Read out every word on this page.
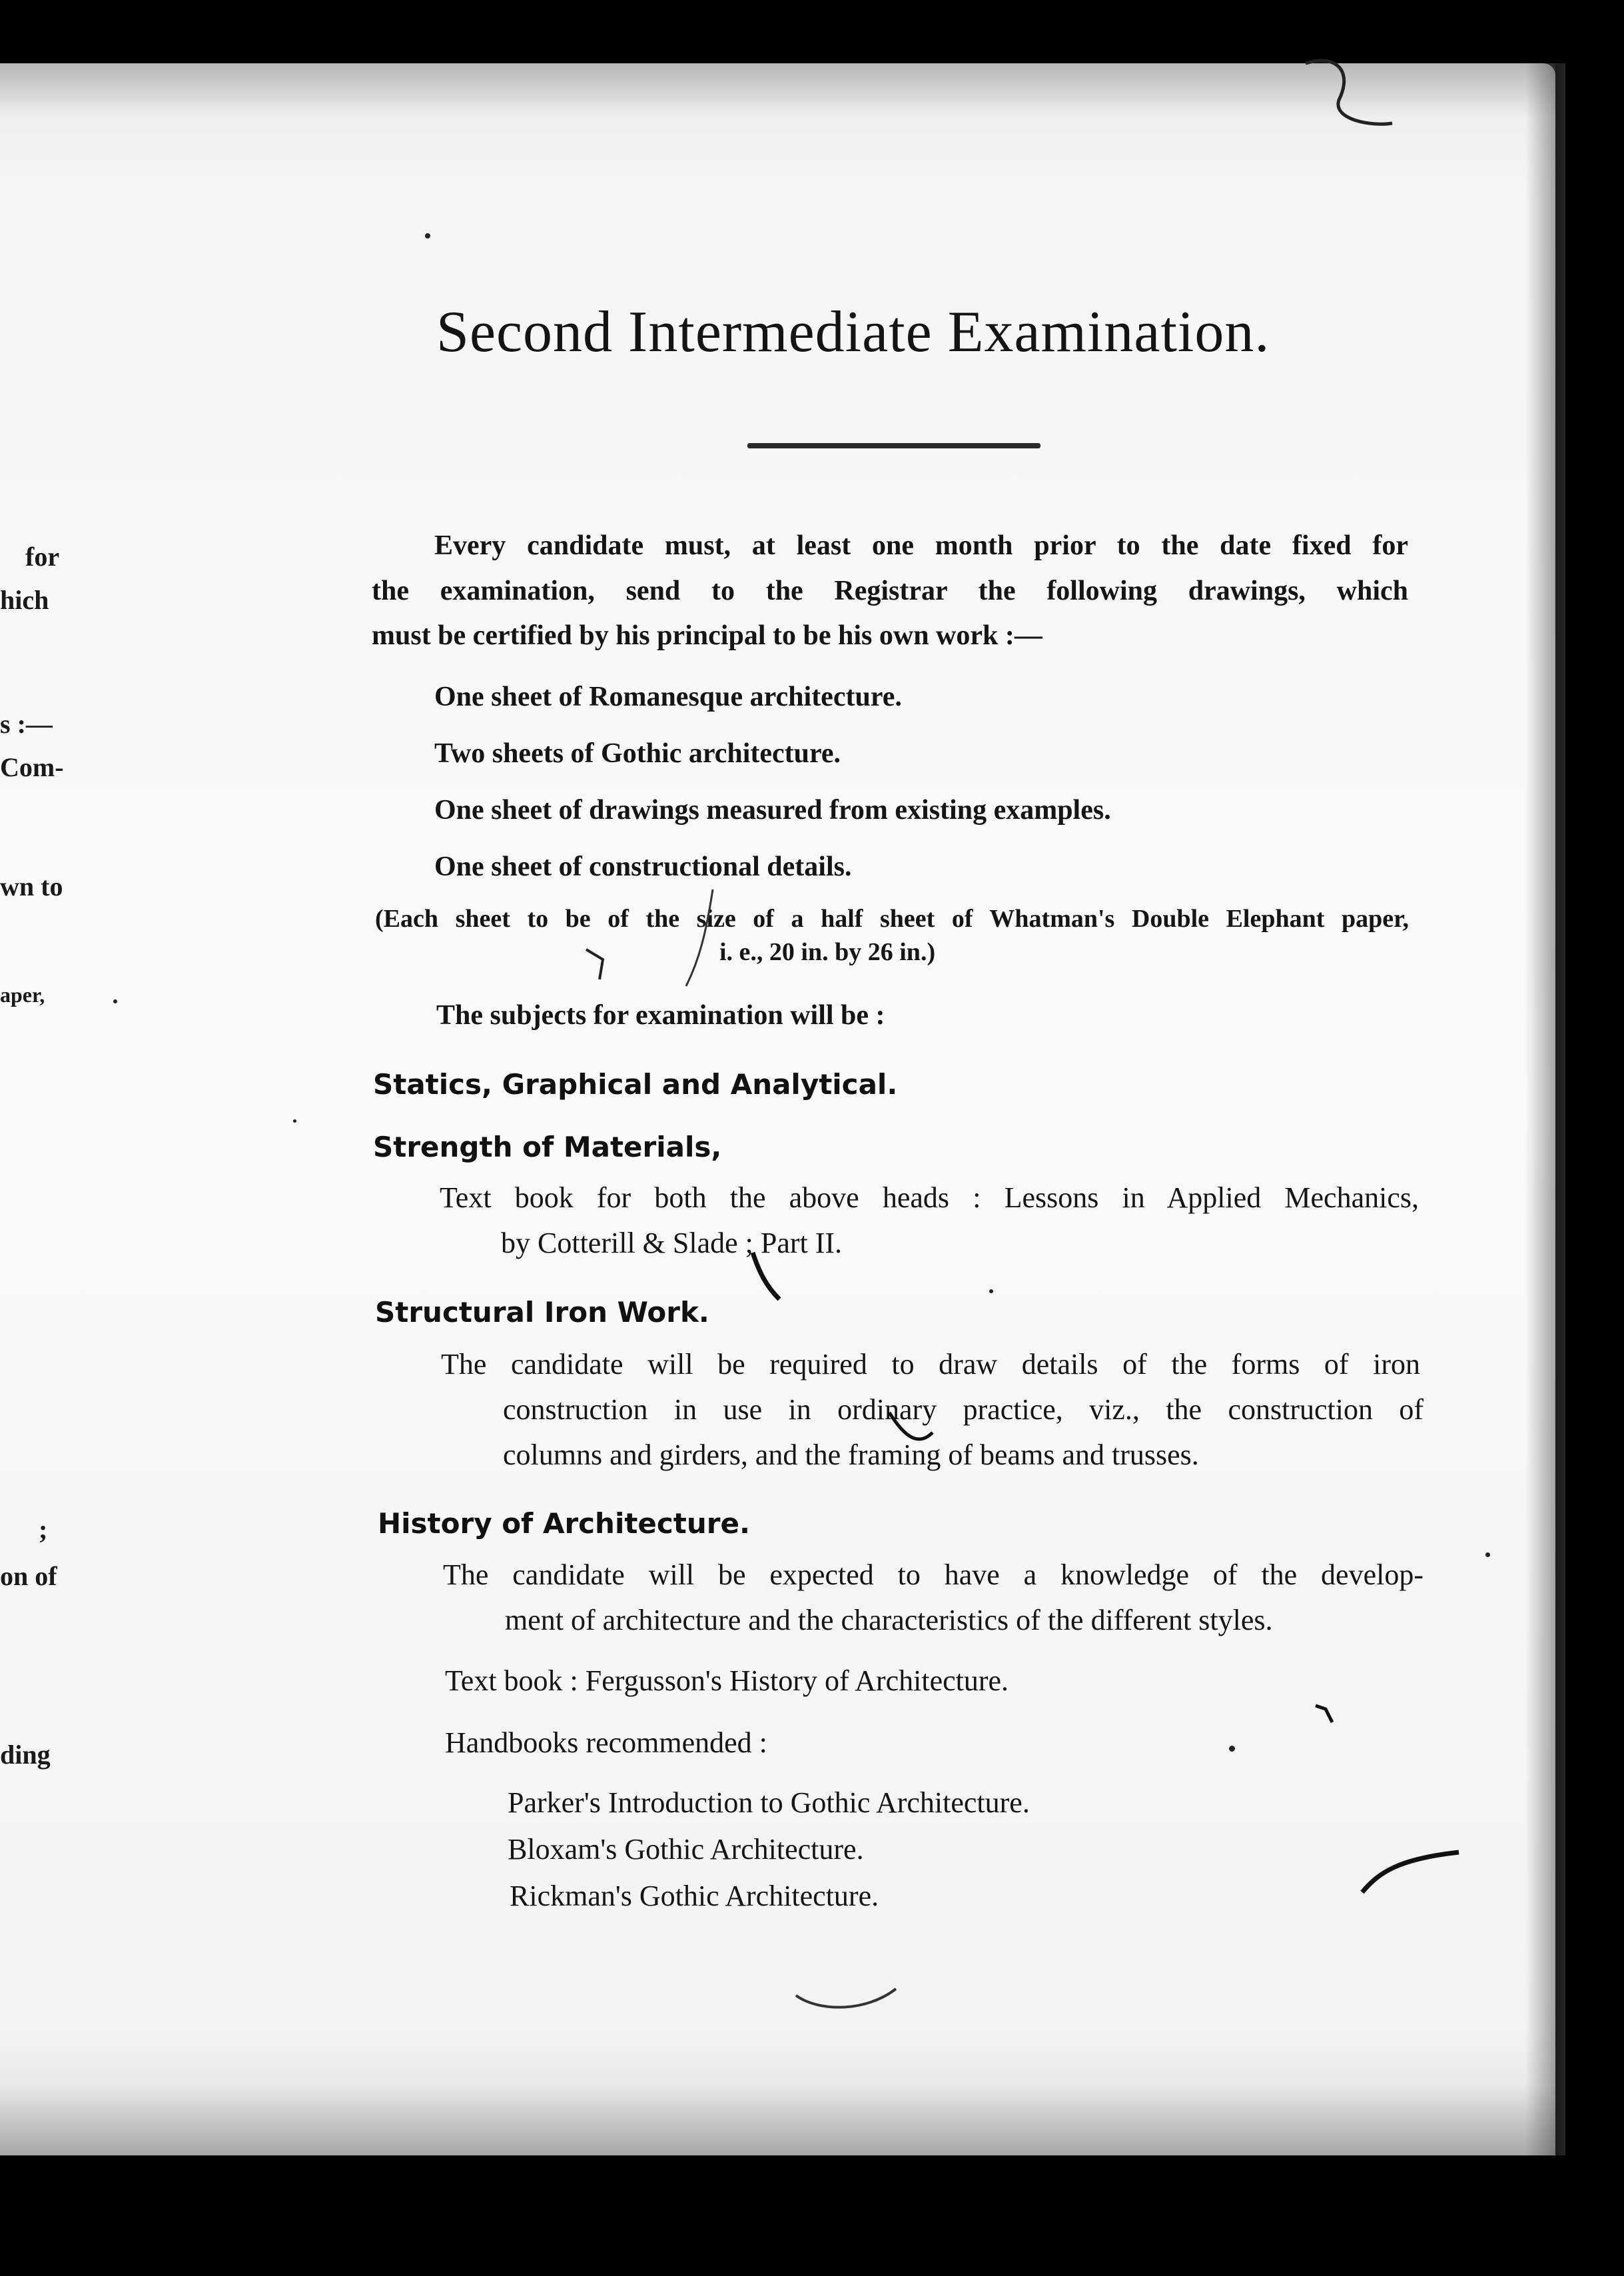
for
hich
s :—
Com-
wn to
aper,
;
on of
ding
Second Intermediate Examination.
Every candidate must, at least one month prior to the date fixed for
the examination, send to the Registrar the following drawings, which
must be certified by his principal to be his own work :—
One sheet of Romanesque architecture.
Two sheets of Gothic architecture.
One sheet of drawings measured from existing examples.
One sheet of constructional details.
(Each sheet to be of the size of a half sheet of Whatman's Double Elephant paper,
i. e., 20 in. by 26 in.)
The subjects for examination will be :
Statics, Graphical and Analytical.
Strength of Materials,
Text book for both the above heads : Lessons in Applied Mechanics,
by Cotterill & Slade ; Part II.
Structural Iron Work.
The candidate will be required to draw details of the forms of iron
construction in use in ordinary practice, viz., the construction of
columns and girders, and the framing of beams and trusses.
History of Architecture.
The candidate will be expected to have a knowledge of the develop-
ment of architecture and the characteristics of the different styles.
Text book : Fergusson's History of Architecture.
Handbooks recommended :
Parker's Introduction to Gothic Architecture.
Bloxam's Gothic Architecture.
Rickman's Gothic Architecture.
